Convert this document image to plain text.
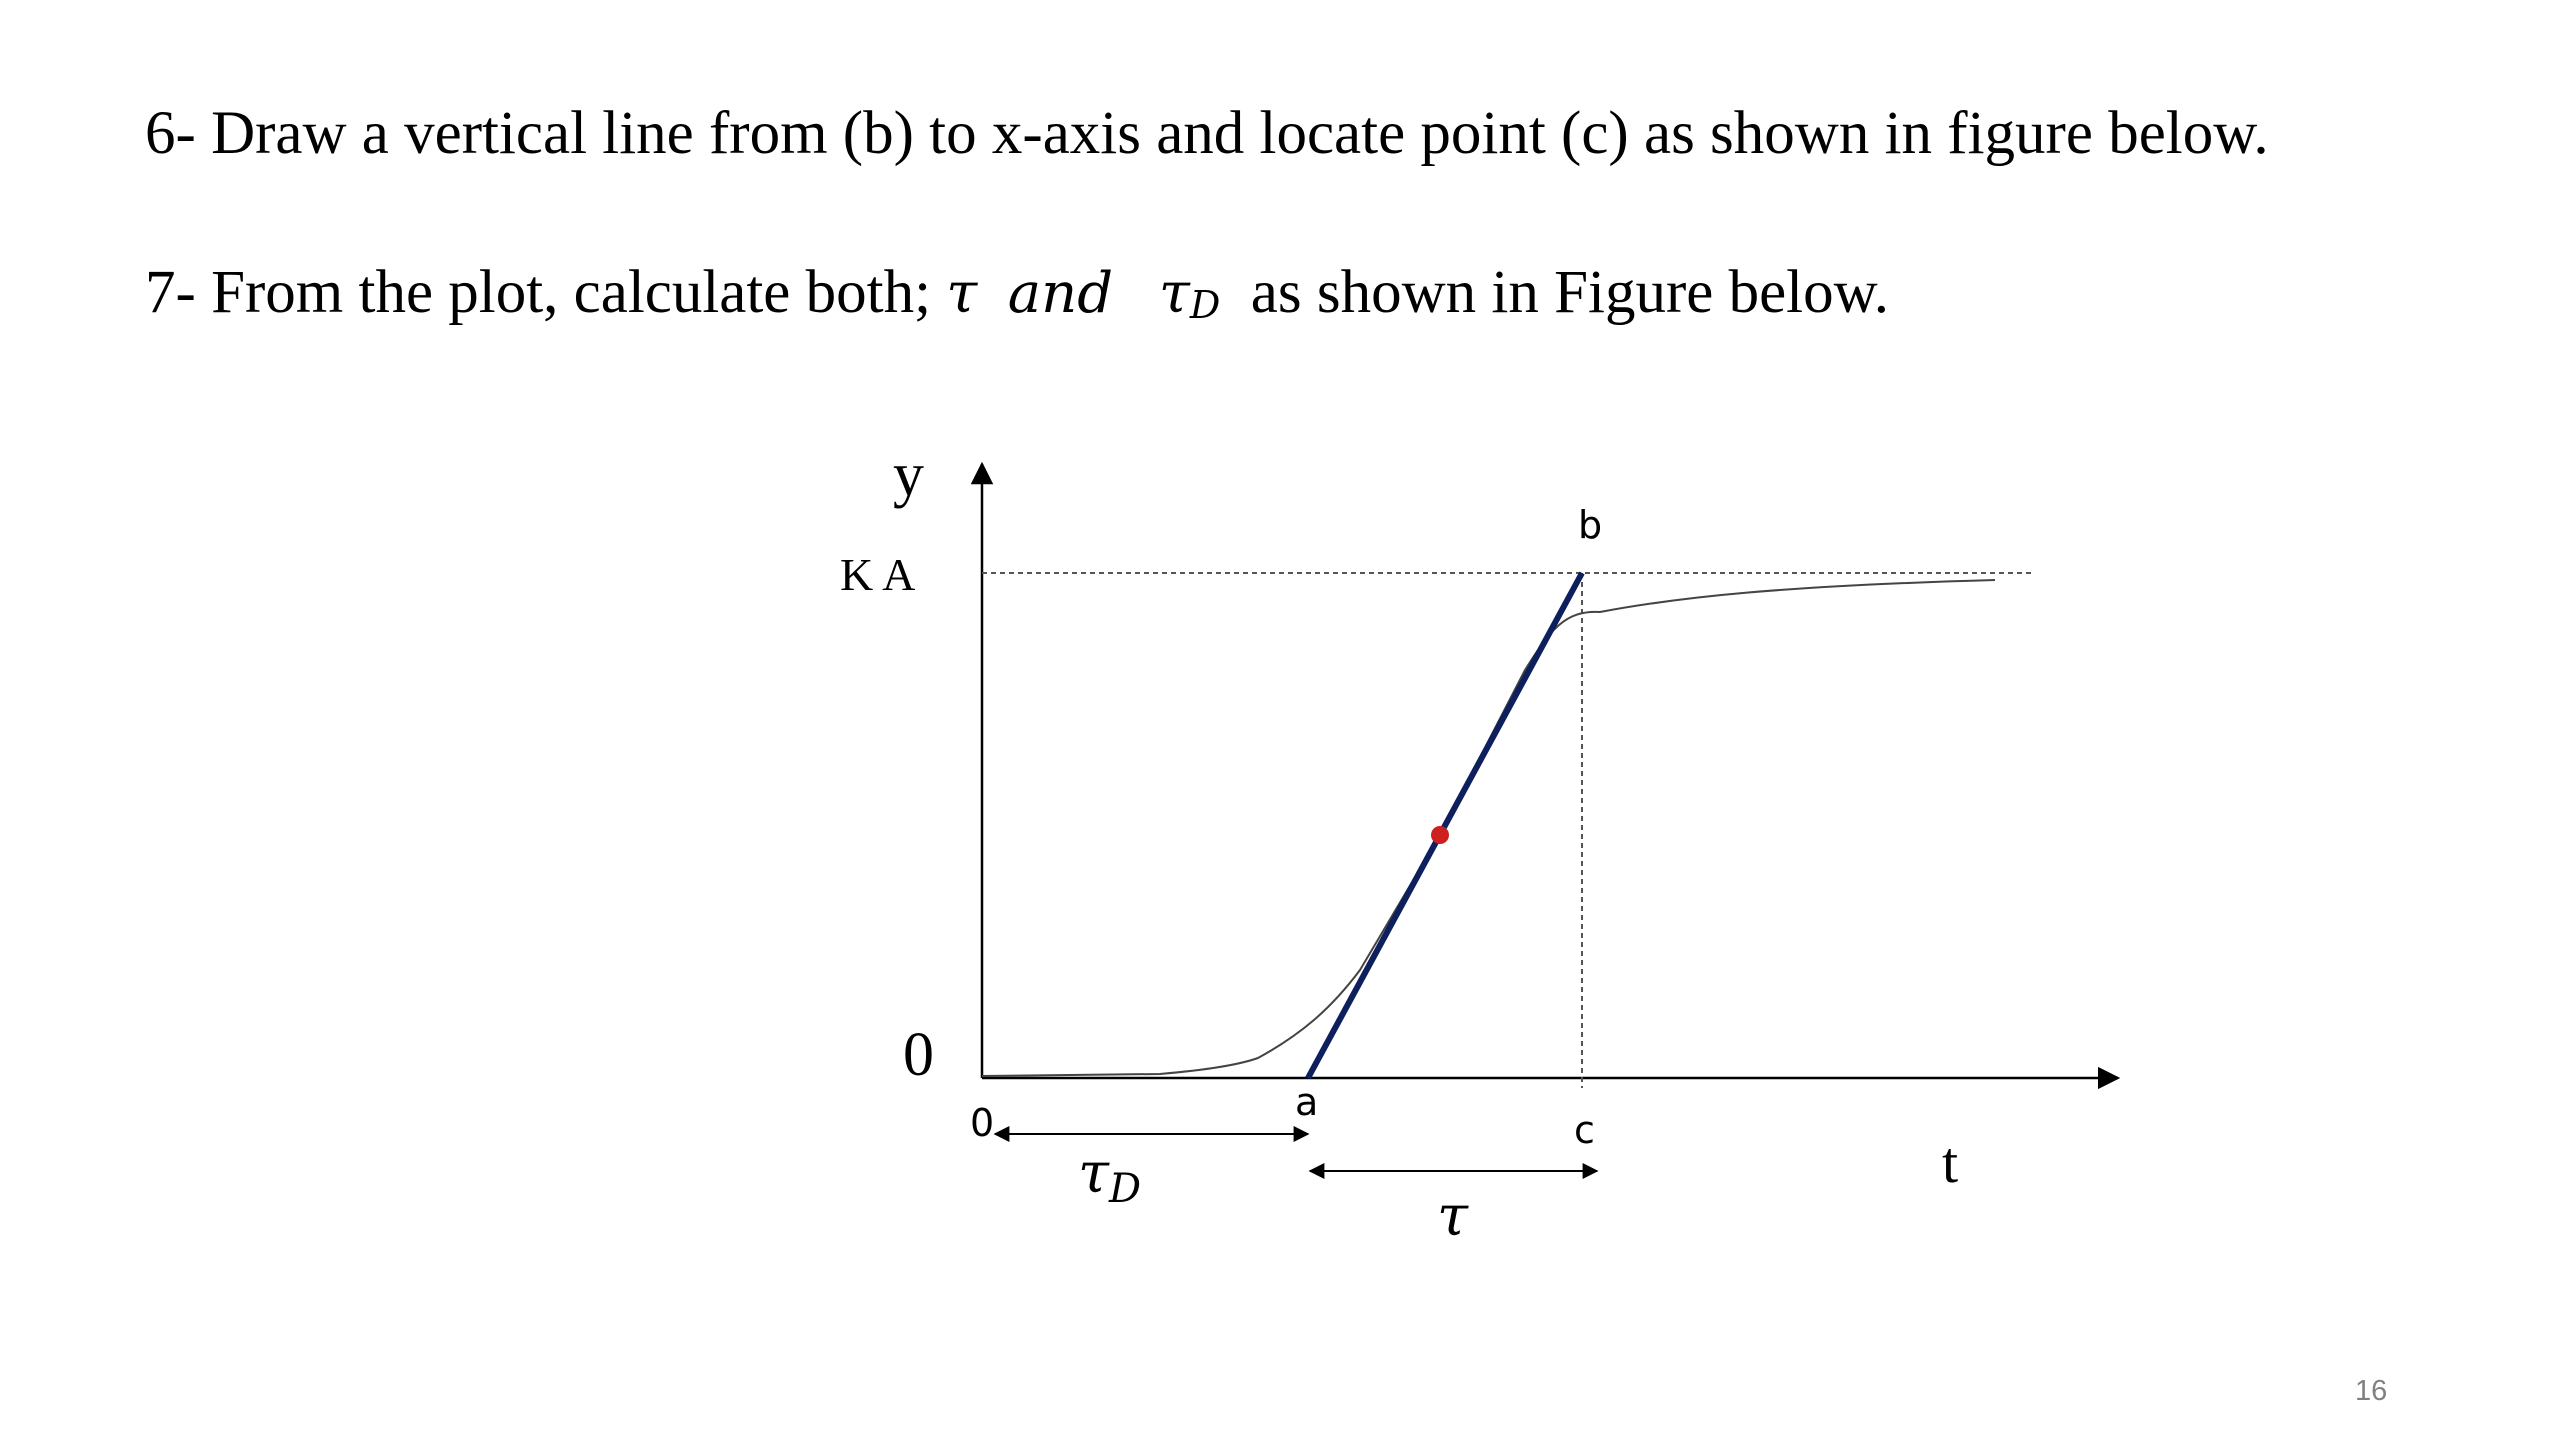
6- Draw a vertical line from (b) to x-axis and locate point (c) as shown in figure below.
7- From the plot, calculate both; τ and $\tau_D$ as shown in Figure below.
y
t
K A
0
0	a
b
c
τD	τ
16
